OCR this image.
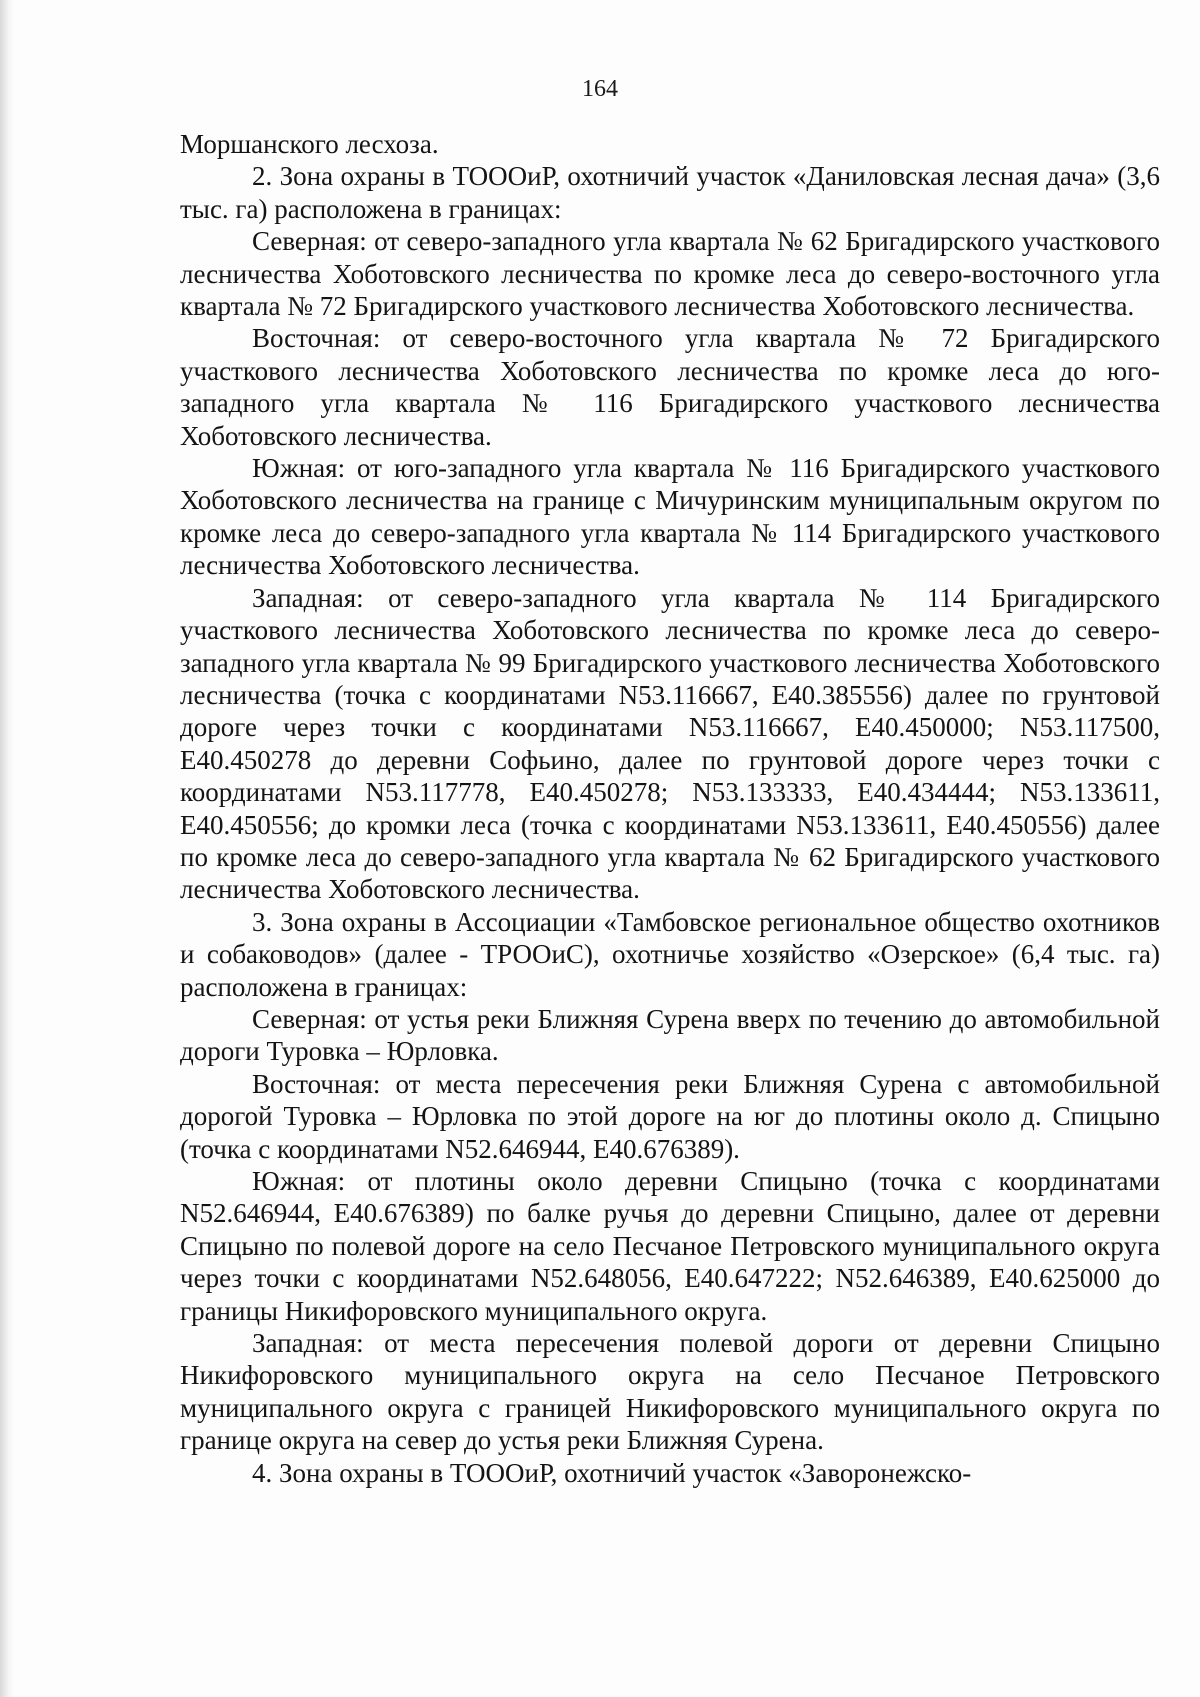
164

Моршанского лесхоза.

2. Зона охраны в ТОООиР, охотничий участок «Даниловская лесная дача» (3,6 тыс. га) расположена в границах:

Северная: от северо-западного угла квартала № 62 Бригадирского участкового лесничества Хоботовского лесничества по кромке леса до северо-восточного угла квартала № 72 Бригадирского участкового лесничества Хоботовского лесничества.

Восточная: от северо-восточного угла квартала № 72 Бригадирского участкового лесничества Хоботовского лесничества по кромке леса до юго-западного угла квартала № 116 Бригадирского участкового лесничества Хоботовского лесничества.

Южная: от юго-западного угла квартала № 116 Бригадирского участкового Хоботовского лесничества на границе с Мичуринским муниципальным округом по кромке леса до северо-западного угла квартала № 114 Бригадирского участкового лесничества Хоботовского лесничества.

Западная: от северо-западного угла квартала № 114 Бригадирского участкового лесничества Хоботовского лесничества по кромке леса до северо-западного угла квартала № 99 Бригадирского участкового лесничества Хоботовского лесничества (точка с координатами N53.116667, E40.385556) далее по грунтовой дороге через точки с координатами N53.116667, E40.450000; N53.117500, E40.450278 до деревни Софьино, далее по грунтовой дороге через точки с координатами N53.117778, E40.450278; N53.133333, E40.434444; N53.133611, E40.450556; до кромки леса (точка с координатами N53.133611, E40.450556) далее по кромке леса до северо-западного угла квартала № 62 Бригадирского участкового лесничества Хоботовского лесничества.

3. Зона охраны в Ассоциации «Тамбовское региональное общество охотников и собаководов» (далее - ТРООиС), охотничье хозяйство «Озерское» (6,4 тыс. га) расположена в границах:

Северная: от устья реки Ближняя Сурена вверх по течению до автомобильной дороги Туровка – Юрловка.

Восточная: от места пересечения реки Ближняя Сурена с автомобильной дорогой Туровка – Юрловка по этой дороге на юг до плотины около д. Спицыно (точка с координатами N52.646944, E40.676389).

Южная: от плотины около деревни Спицыно (точка с координатами N52.646944, E40.676389) по балке ручья до деревни Спицыно, далее от деревни Спицыно по полевой дороге на село Песчаное Петровского муниципального округа через точки с координатами N52.648056, E40.647222; N52.646389, E40.625000 до границы Никифоровского муниципального округа.

Западная: от места пересечения полевой дороги от деревни Спицыно Никифоровского муниципального округа на село Песчаное Петровского муниципального округа с границей Никифоровского муниципального округа по границе округа на север до устья реки Ближняя Сурена.

4. Зона охраны в ТОООиР, охотничий участок «Заворонежско-
